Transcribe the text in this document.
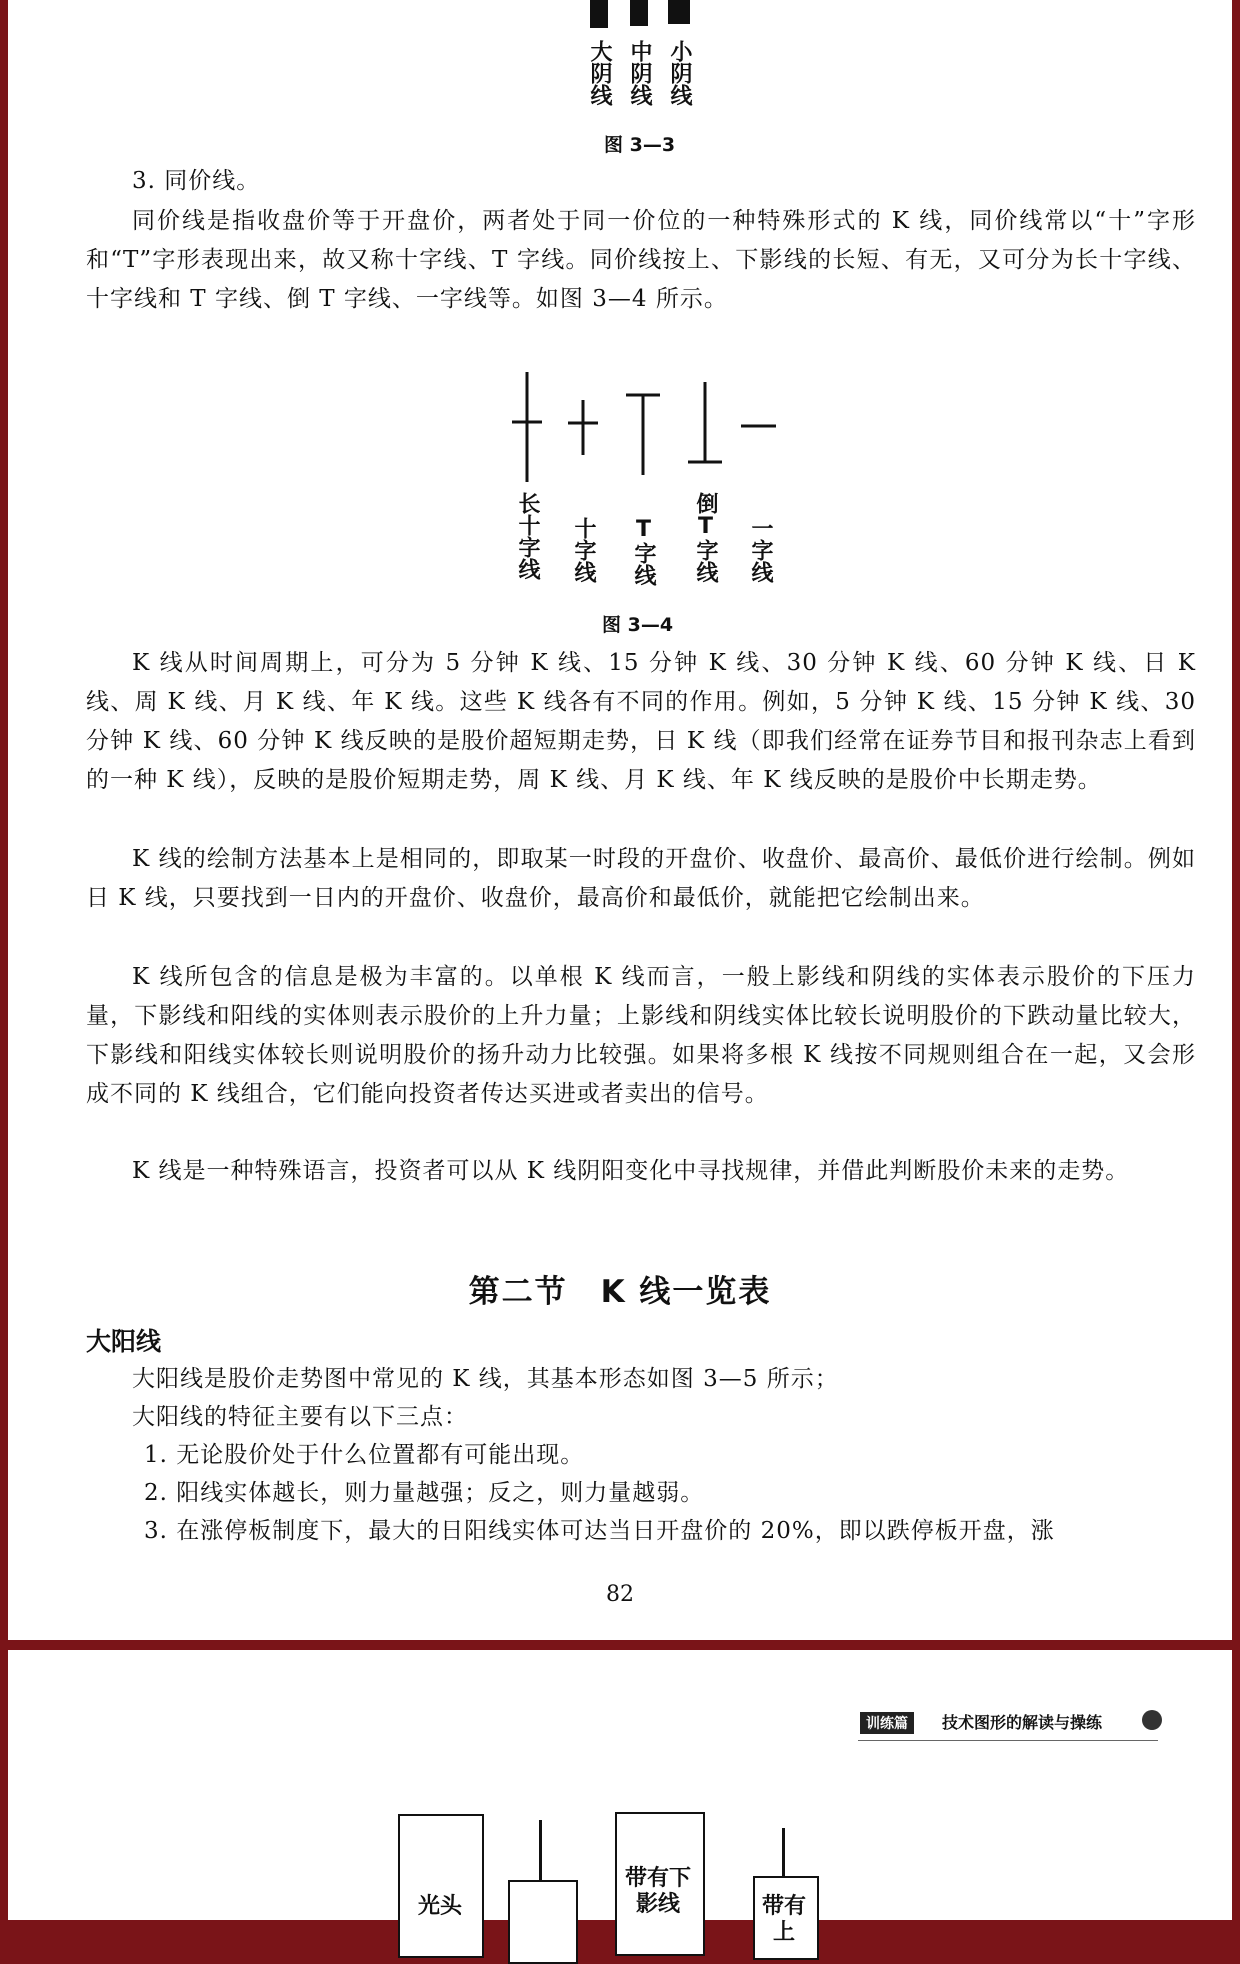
大阴线 中阴线 小阴线
图 3—3

3. 同价线。

同价线是指收盘价等于开盘价，两者处于同一价位的一种特殊形式的 K 线，同价线常以“十”字形和“T”字形表现出来，故又称十字线、T 字线。同价线按上、下影线的长短、有无，又可分为长十字线、十字线和 T 字线、倒 T 字线、一字线等。如图 3—4 所示。

长十字线 十字线 T字线 倒T字线 一字线
图 3—4

K 线从时间周期上，可分为 5 分钟 K 线、15 分钟 K 线、30 分钟 K 线、60 分钟 K 线、日 K 线、周 K 线、月 K 线、年 K 线。这些 K 线各有不同的作用。例如，5 分钟 K 线、15 分钟 K 线、30 分钟 K 线、60 分钟 K 线反映的是股价超短期走势，日 K 线（即我们经常在证券节目和报刊杂志上看到的一种 K 线），反映的是股价短期走势，周 K 线、月 K 线、年 K 线反映的是股价中长期走势。

K 线的绘制方法基本上是相同的，即取某一时段的开盘价、收盘价、最高价、最低价进行绘制。例如日 K 线，只要找到一日内的开盘价、收盘价，最高价和最低价，就能把它绘制出来。

K 线所包含的信息是极为丰富的。以单根 K 线而言，一般上影线和阴线的实体表示股价的下压力量，下影线和阳线的实体则表示股价的上升力量；上影线和阴线实体比较长说明股价的下跌动量比较大，下影线和阳线实体较长则说明股价的扬升动力比较强。如果将多根 K 线按不同规则组合在一起，又会形成不同的 K 线组合，它们能向投资者传达买进或者卖出的信号。

K 线是一种特殊语言，投资者可以从 K 线阴阳变化中寻找规律，并借此判断股价未来的走势。

第二节　K 线一览表
大阳线

大阳线是股价走势图中常见的 K 线，其基本形态如图 3—5 所示；

大阳线的特征主要有以下三点：

1. 无论股价处于什么位置都有可能出现。

2. 阳线实体越长，则力量越强；反之，则力量越弱。

3. 在涨停板制度下，最大的日阳线实体可达当日开盘价的 20%，即以跌停板开盘，涨

82
训练篇	技术图形的解读与操练
光头
带有下影线	带有上
